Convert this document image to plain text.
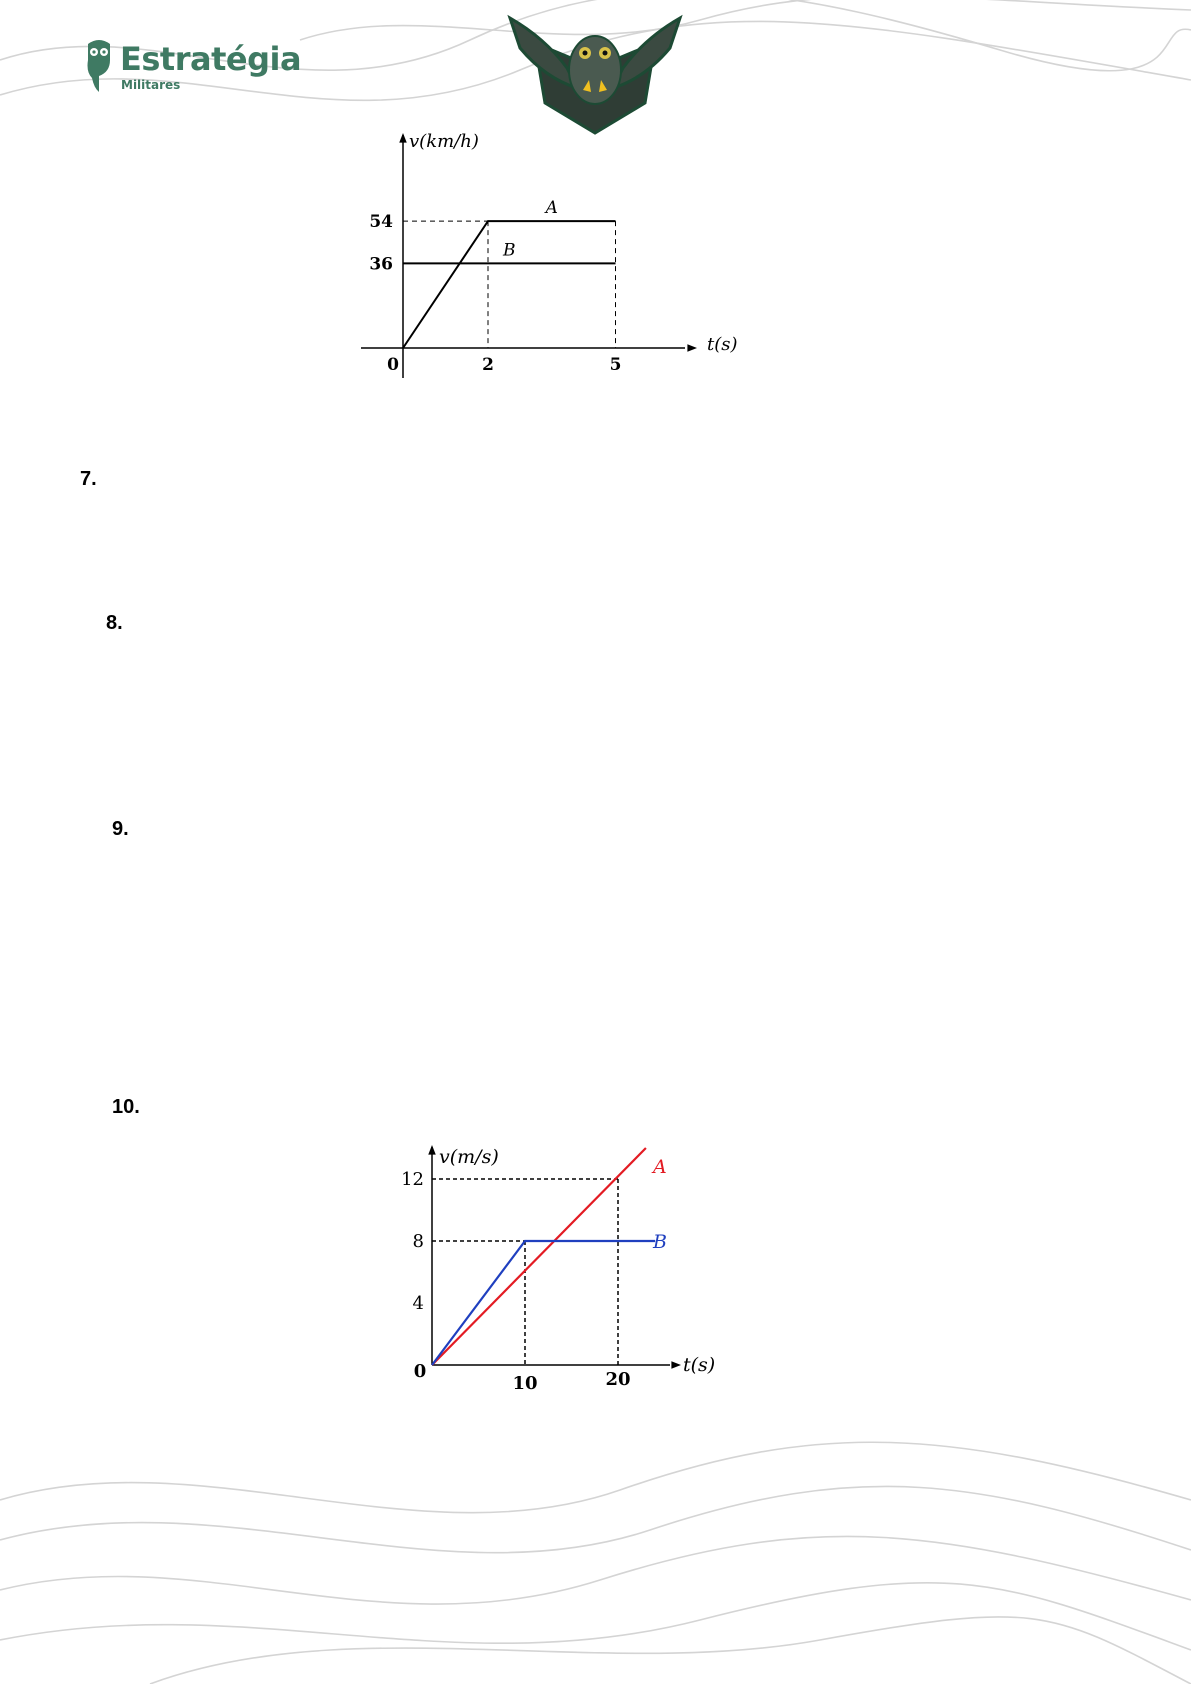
Estratégia
Militares
7.
8.
9.
10.
A
B
54
36
0	2	5
v(km/h)
t(s)
A
B
12
8
4
0
10	20
v(m/s)
t(s)
